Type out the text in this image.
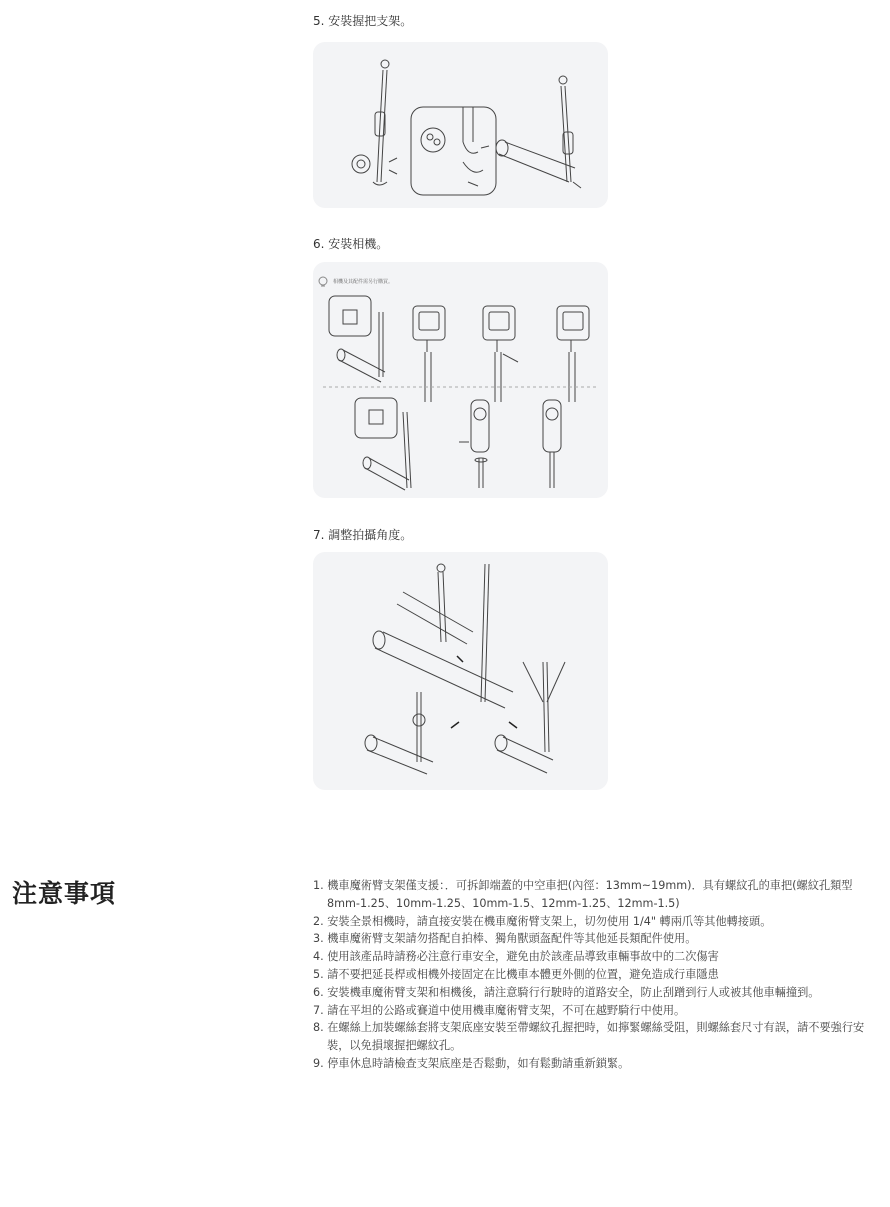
5. 安裝握把支架。
6. 安裝相機。
相機及其配件需另行購買。
7. 調整拍攝角度。
注意事項	1. 機車魔術臂支架僅支援：．可拆卸端蓋的中空車把(內徑：13mm~19mm)．具有螺紋孔的車把(螺紋孔類型8mm-1.25、10mm-1.25、10mm-1.5、12mm-1.25、12mm-1.5)
2. 安裝全景相機時，請直接安裝在機車魔術臂支架上，切勿使用 1/4" 轉兩爪等其他轉接頭。
3. 機車魔術臂支架請勿搭配自拍棒、獨角獸頭盔配件等其他延長類配件使用。
4. 使用該產品時請務必注意行車安全，避免由於該產品導致車輛事故中的二次傷害
5. 請不要把延長桿或相機外接固定在比機車本體更外側的位置，避免造成行車隱患
6. 安裝機車魔術臂支架和相機後，請注意騎行行駛時的道路安全，防止刮蹭到行人或被其他車輛撞到。
7. 請在平坦的公路或賽道中使用機車魔術臂支架，不可在越野騎行中使用。
8. 在螺絲上加裝螺絲套將支架底座安裝至帶螺紋孔握把時，如擰緊螺絲受阻，則螺絲套尺寸有誤，請不要強行安裝，以免損壞握把螺紋孔。
9. 停車休息時請檢查支架底座是否鬆動，如有鬆動請重新鎖緊。
